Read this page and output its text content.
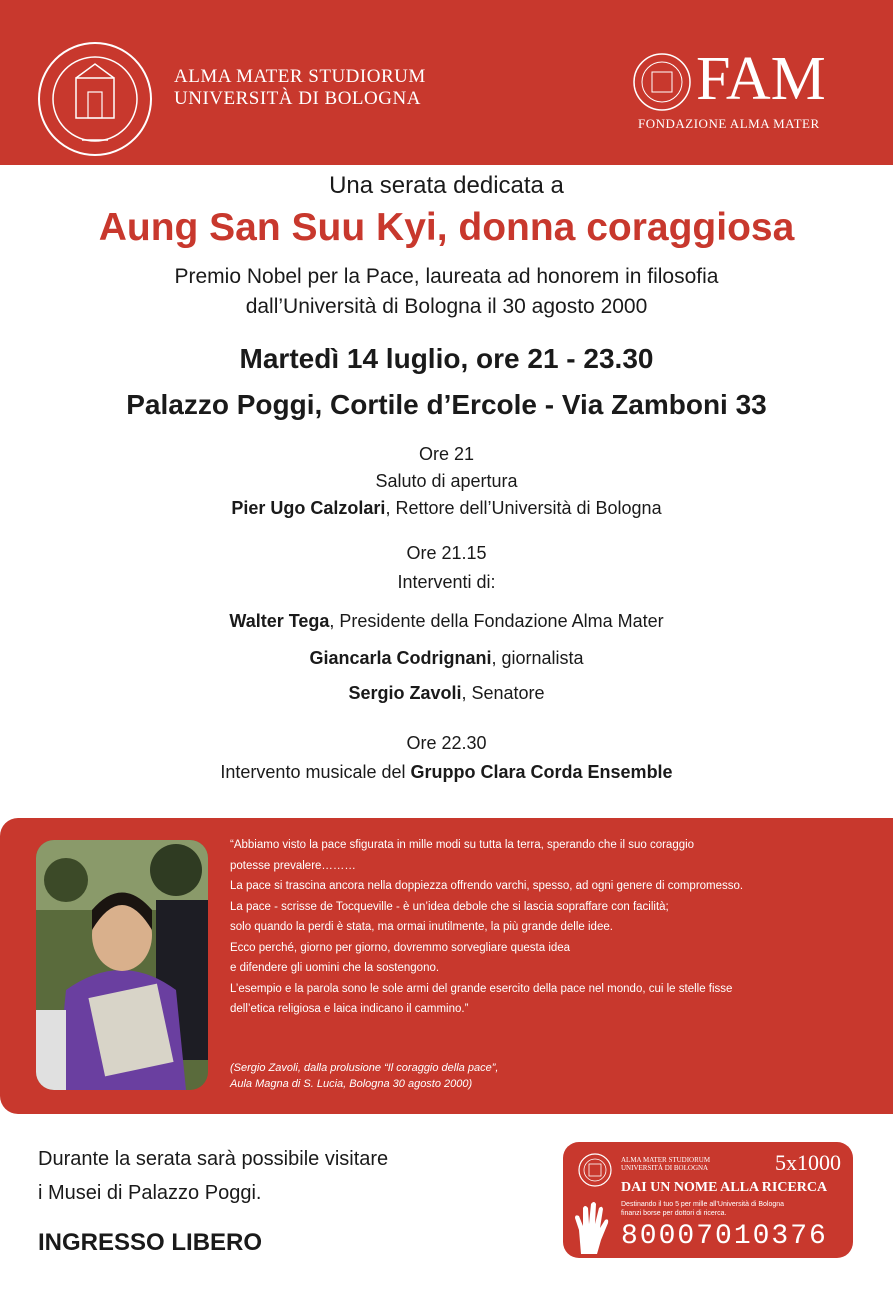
ALMA MATER STUDIORUM
UNIVERSITÀ DI BOLOGNA	FAM
FONDAZIONE ALMA MATER
Una serata dedicata a
Aung San Suu Kyi, donna coraggiosa
Premio Nobel per la Pace, laureata ad honorem in filosofia
dall’Università di Bologna il 30 agosto 2000
Martedì 14 luglio, ore 21 - 23.30
Palazzo Poggi, Cortile d’Ercole - Via Zamboni 33
Ore 21
Saluto di apertura
Pier Ugo Calzolari, Rettore dell’Università di Bologna
Ore 21.15
Interventi di:
Walter Tega, Presidente della Fondazione Alma Mater
Giancarla Codrignani, giornalista
Sergio Zavoli, Senatore
Ore 22.30
Intervento musicale del Gruppo Clara Corda Ensemble
“Abbiamo visto la pace sfigurata in mille modi su tutta la terra, sperando che il suo coraggio
potesse prevalere………
La pace si trascina ancora nella doppiezza offrendo varchi, spesso, ad ogni genere di compromesso.
La pace - scrisse de Tocqueville - è un’idea debole che si lascia sopraffare con facilità;
solo quando la perdi è stata, ma ormai inutilmente, la più grande delle idee.
Ecco perché, giorno per giorno, dovremmo sorvegliare questa idea
e difendere gli uomini che la sostengono.
L’esempio e la parola sono le sole armi del grande esercito della pace nel mondo, cui le stelle fisse
dell’etica religiosa e laica indicano il cammino.”
(Sergio Zavoli, dalla prolusione “Il coraggio della pace”,
Aula Magna di S. Lucia, Bologna 30 agosto 2000)
Durante la serata sarà possibile visitare
i Musei di Palazzo Poggi.
INGRESSO LIBERO
ALMA MATER STUDIORUM
UNIVERSITÀ DI BOLOGNA	5x1000
DAI UN NOME ALLA RICERCA
Destinando il tuo 5 per mille all’Università di Bologna
finanzi borse per dottori di ricerca.
80007010376
